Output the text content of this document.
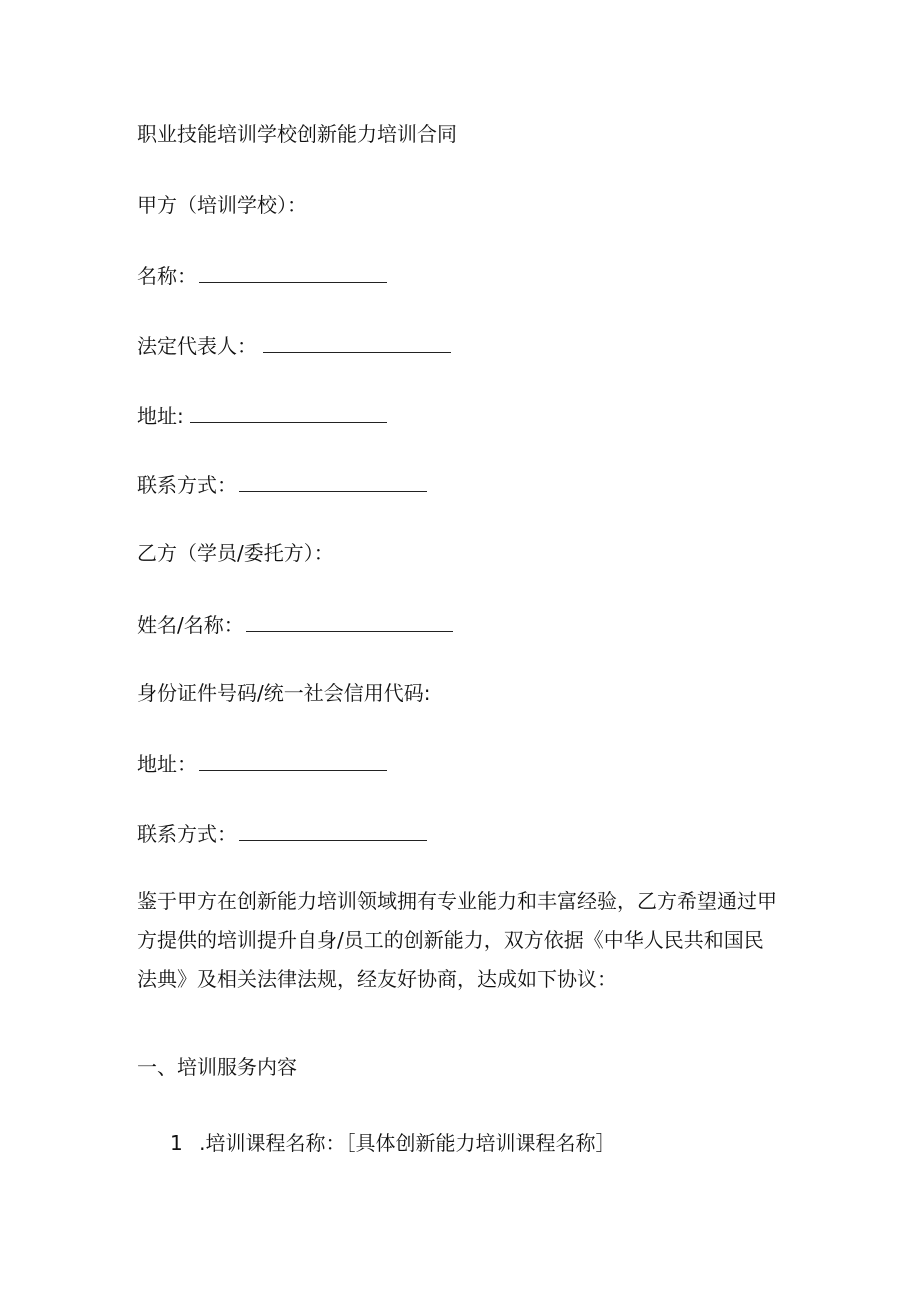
职业技能培训学校创新能力培训合同
甲方（培训学校）：
名称：
法定代表人：
地址:
联系方式：
乙方（学员/委托方）：
姓名/名称：
身份证件号码/统一社会信用代码:
地址：
联系方式：
鉴于甲方在创新能力培训领域拥有专业能力和丰富经验，乙方希望通过甲
方提供的培训提升自身/员工的创新能力，双方依据《中华人民共和国民
法典》及相关法律法规，经友好协商，达成如下协议：
一、培训服务内容
1 .培训课程名称：［具体创新能力培训课程名称］
